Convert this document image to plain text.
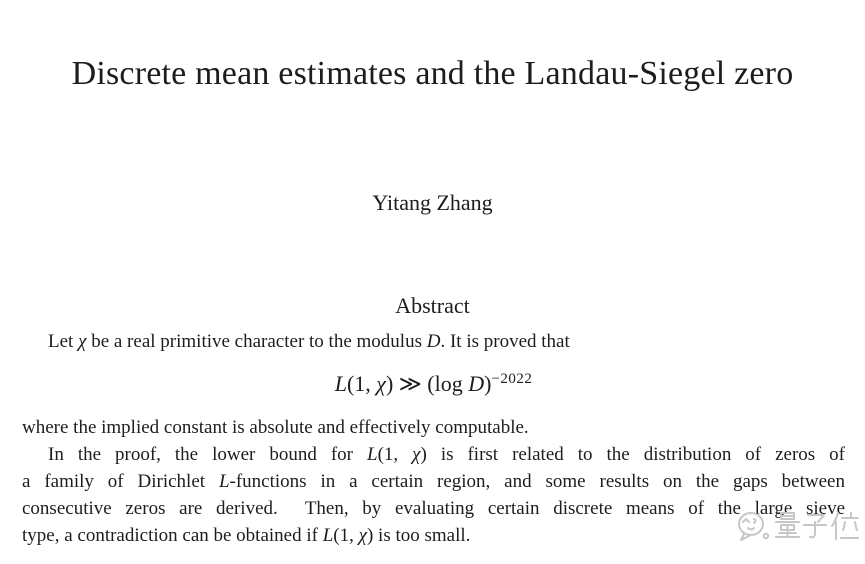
Discrete mean estimates and the Landau-Siegel zero
Yitang Zhang
Abstract
Let χ be a real primitive character to the modulus D. It is proved that
L(1, χ) ≫ (log D)$^{-2022}$
where the implied constant is absolute and effectively computable.
In the proof, the lower bound for L(1, χ) is first related to the distribution of zeros of
a family of Dirichlet L-functions in a certain region, and some results on the gaps between
consecutive zeros are derived.  Then, by evaluating certain discrete means of the large sieve
type, a contradiction can be obtained if L(1, χ) is too small.
